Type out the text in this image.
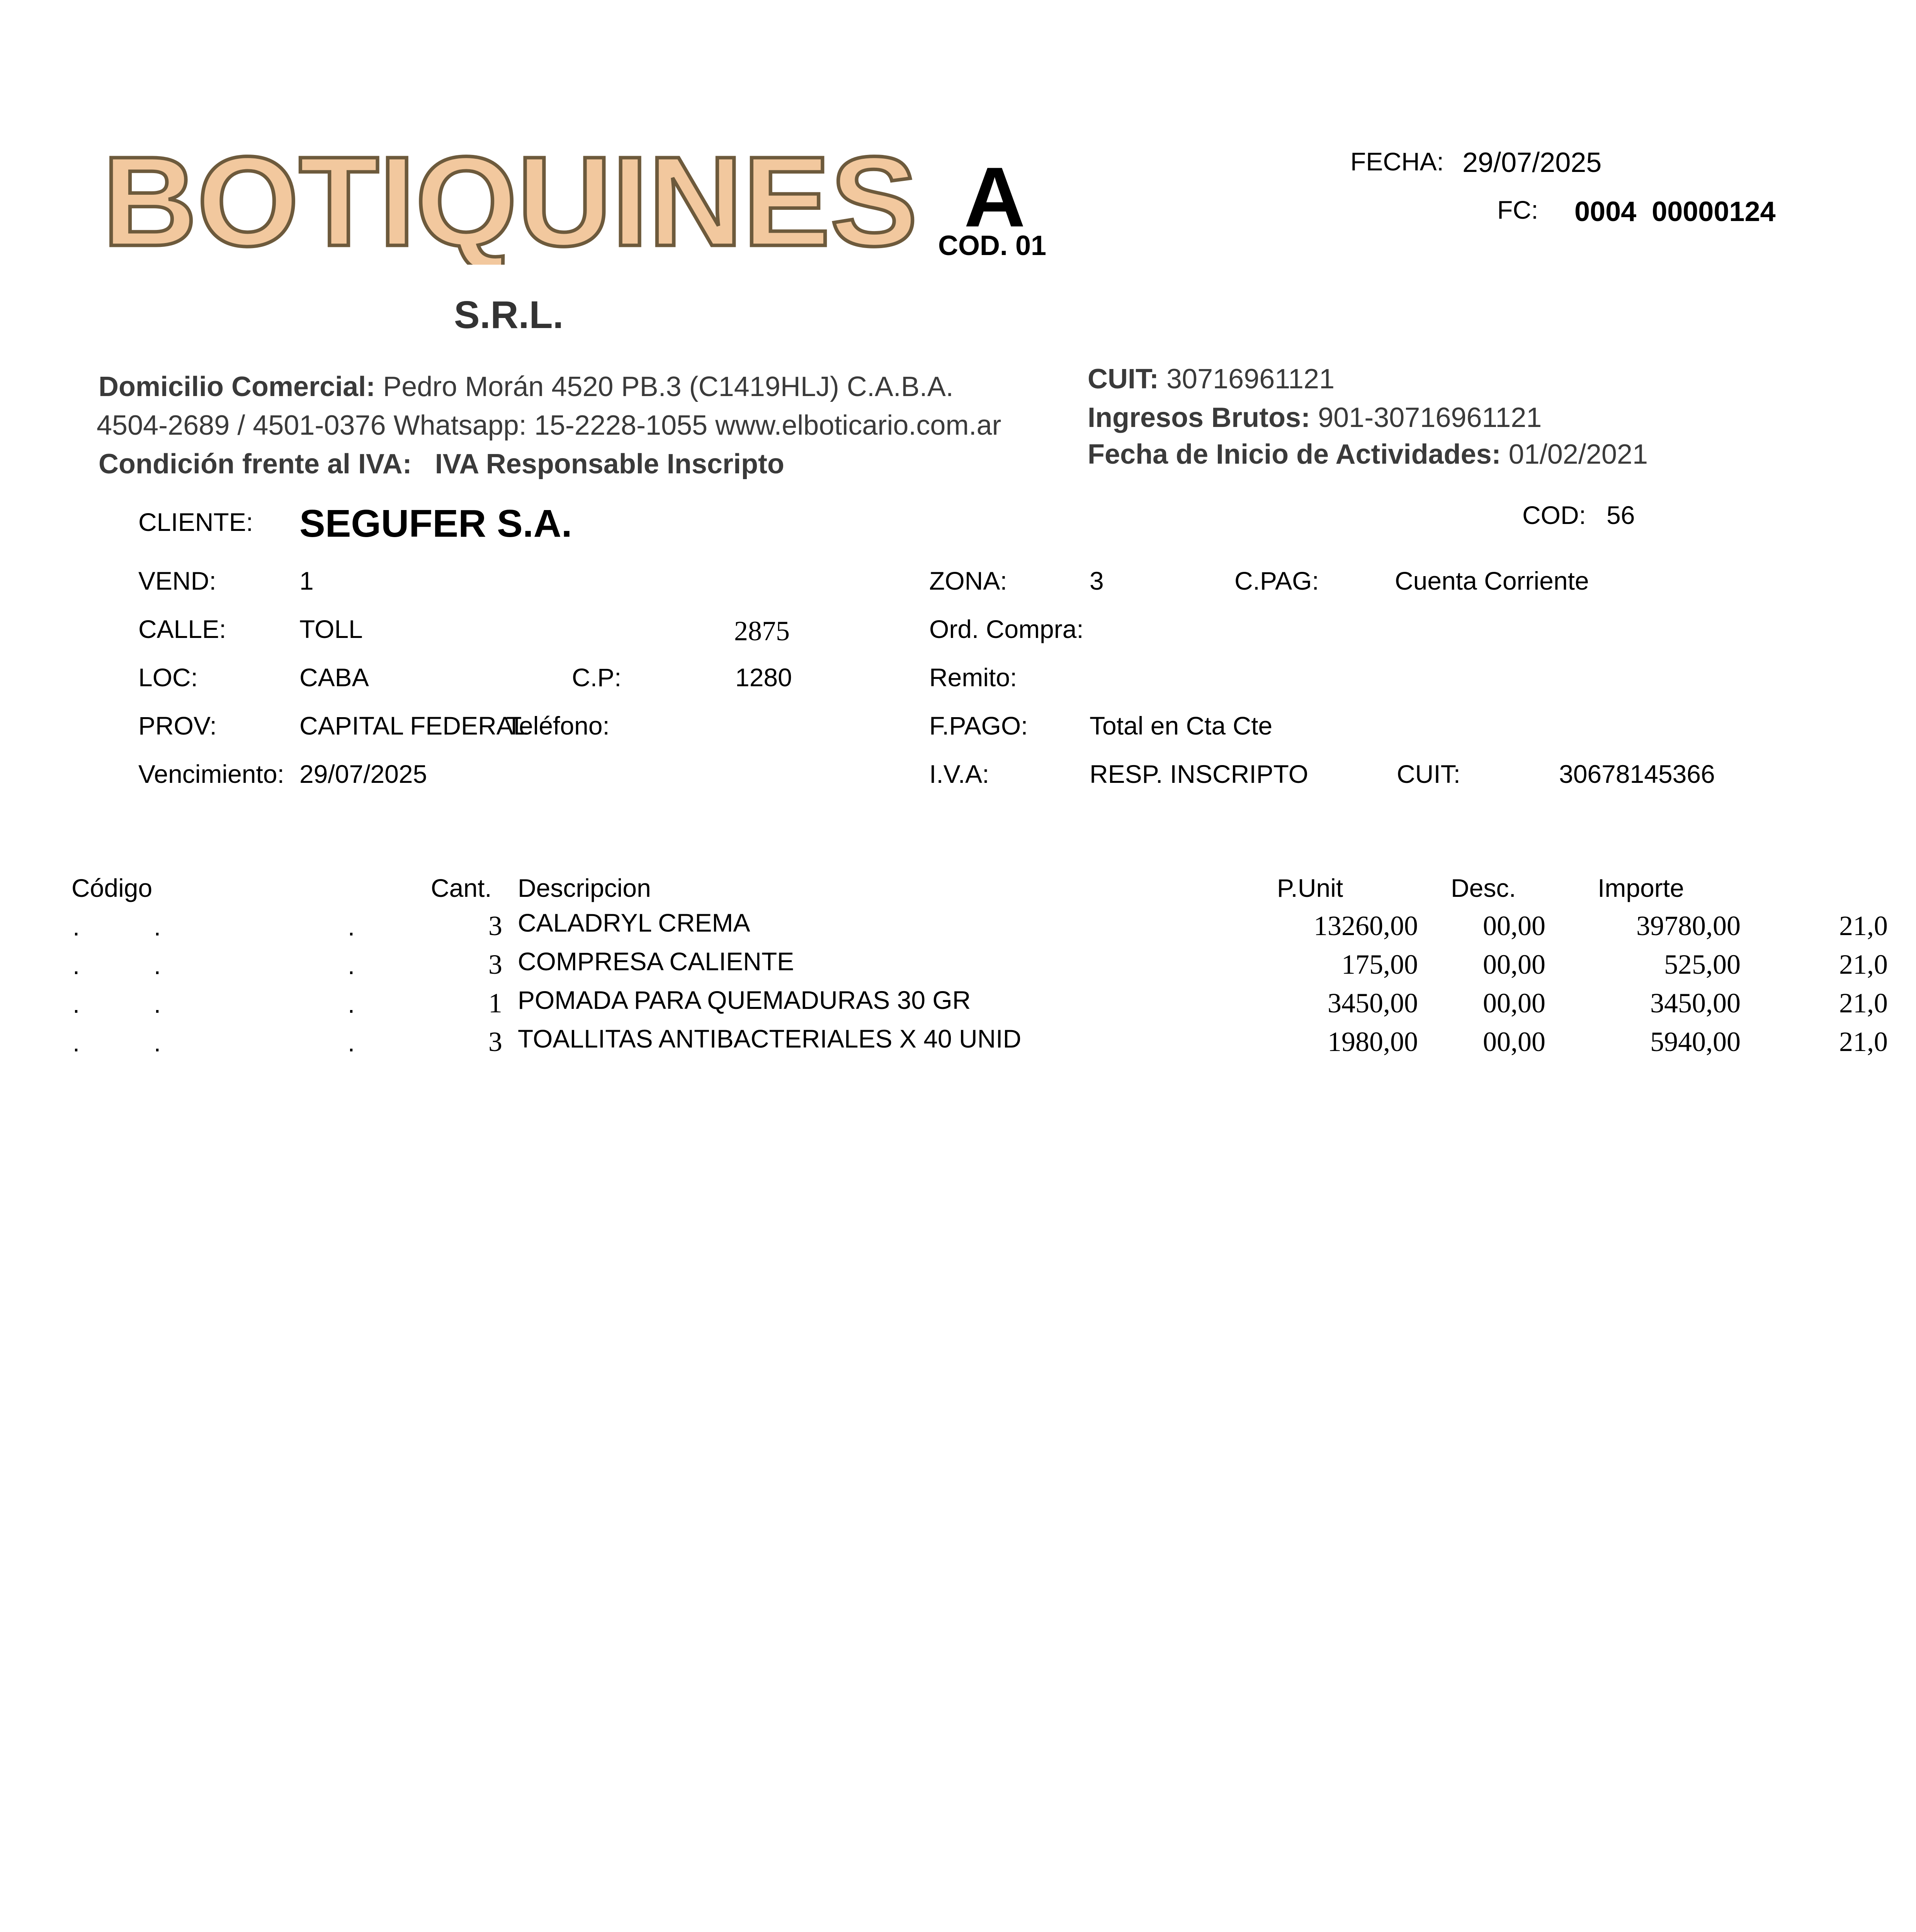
BOTIQUINES
S.R.L.
A
COD. 01
FECHA: 29/07/2025
FC: 0004  00000124
Domicilio Comercial: Pedro Morán 4520 PB.3 (C1419HLJ) C.A.B.A.
4504-2689 / 4501-0376 Whatsapp: 15-2228-1055 www.elboticario.com.ar
Condición frente al IVA: IVA Responsable Inscripto
CUIT: 30716961121
Ingresos Brutos: 901-30716961121
Fecha de Inicio de Actividades: 01/02/2021
CLIENTE: SEGUFER S.A.	COD: 56
VEND:	1	ZONA:	3	C.PAG:	Cuenta Corriente
CALLE:	TOLL	2875	Ord. Compra:
LOC:	CABA	C.P:	1280	Remito:
PROV:	CAPITAL FEDERAL
Teléfono:	F.PAGO: Total en Cta Cte
Vencimiento: 29/07/2025	I.V.A:	RESP. INSCRIPTO	CUIT:	30678145366
Código	Cant. Descripcion	P.Unit	Desc.	Importe
.	.	.	3 CALADRYL CREMA	13260,00	00,00	39780,00	21,0
.	.	.	3 COMPRESA CALIENTE	175,00	00,00	525,00	21,0
.	.	.	1 POMADA PARA QUEMADURAS 30 GR	3450,00	00,00	3450,00	21,0
.	.	.	3 TOALLITAS ANTIBACTERIALES X 40 UNID	1980,00	00,00	5940,00	21,0
